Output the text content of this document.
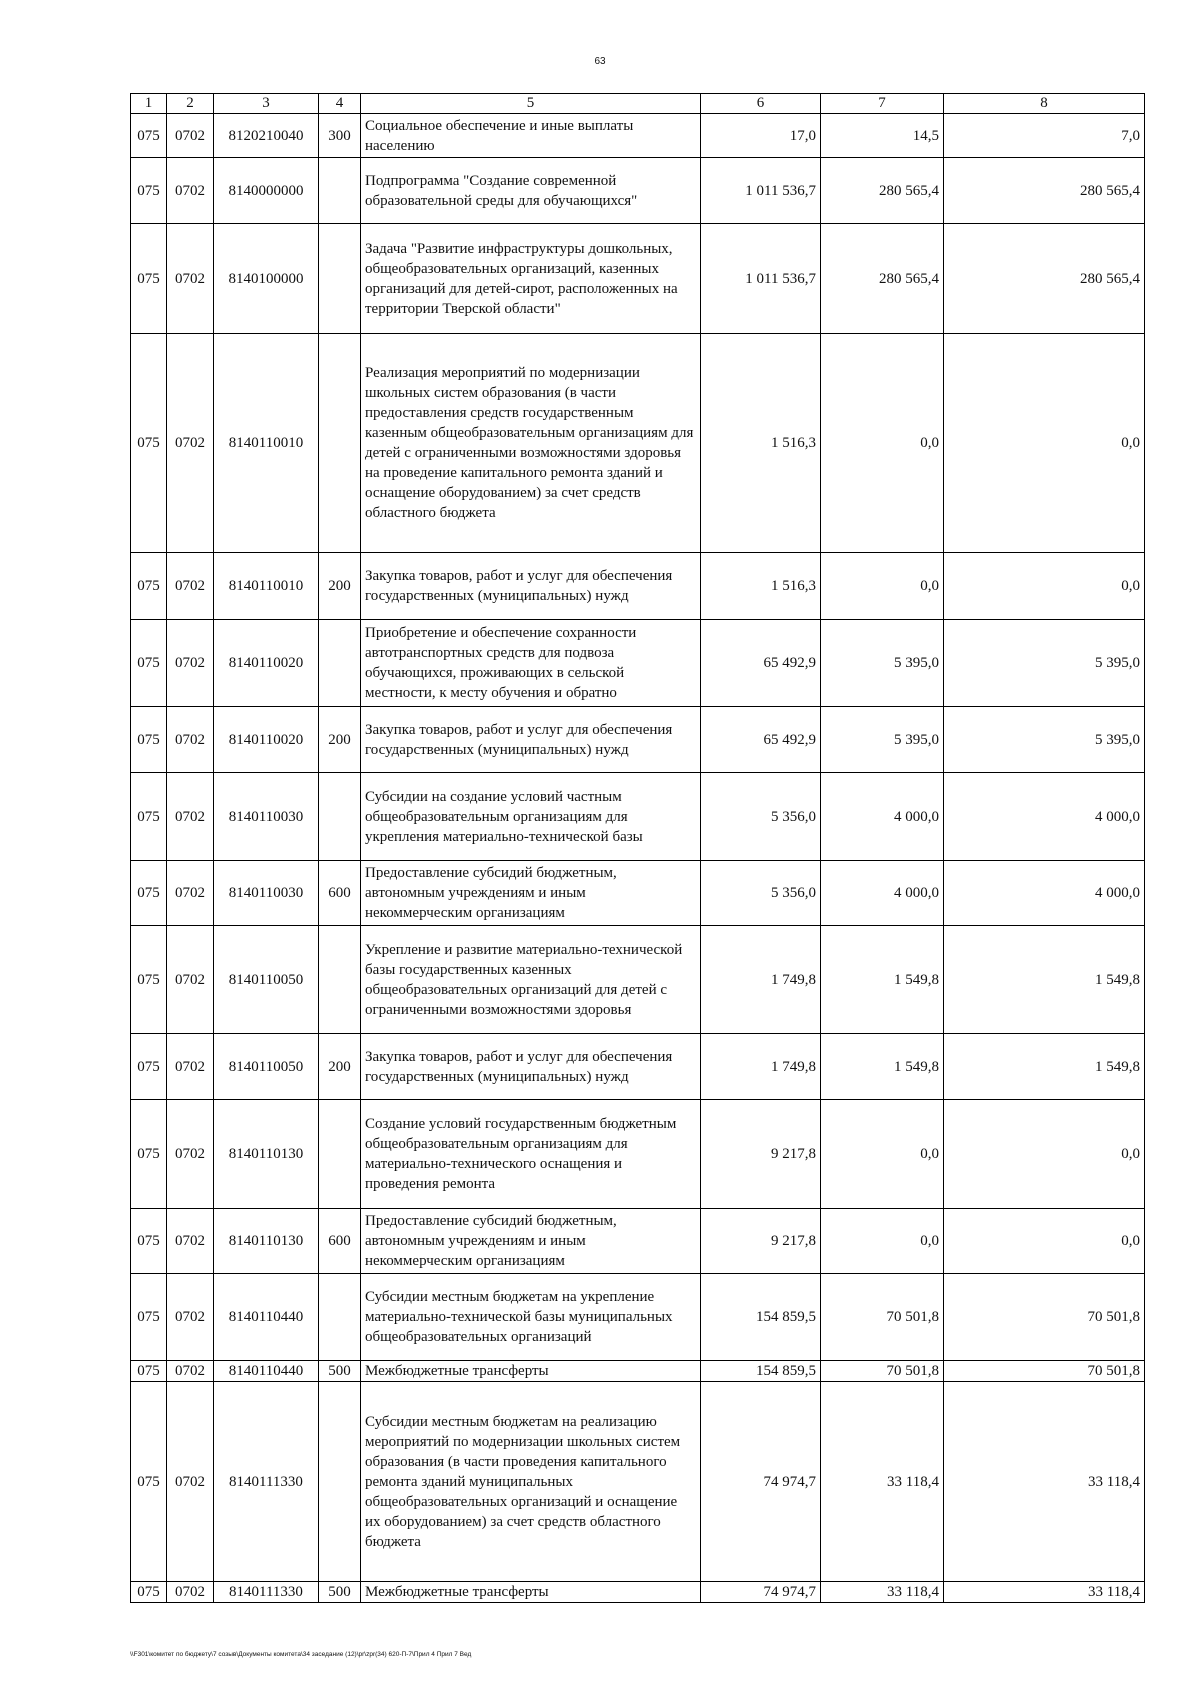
63
1	2	3	4	5	6	7	8
075	0702	8120210040	300	Социальное обеспечение и иные выплаты населению	17,0	14,5	7,0
075	0702	8140000000		Подпрограмма "Создание современной образовательной среды для обучающихся"	1 011 536,7	280 565,4	280 565,4
075	0702	8140100000		Задача "Развитие инфраструктуры дошкольных, общеобразовательных организаций, казенных организаций для детей-сирот, расположенных на территории Тверской области"	1 011 536,7	280 565,4	280 565,4
075	0702	8140110010		Реализация мероприятий по модернизации школьных систем образования (в части предоставления средств государственным казенным общеобразовательным организациям для детей с ограниченными возможностями здоровья на проведение капитального ремонта зданий и оснащение оборудованием) за счет средств областного бюджета	1 516,3	0,0	0,0
075	0702	8140110010	200	Закупка товаров, работ и услуг для обеспечения государственных (муниципальных) нужд	1 516,3	0,0	0,0
075	0702	8140110020		Приобретение и обеспечение сохранности автотранспортных средств для подвоза обучающихся, проживающих в сельской местности, к месту обучения и обратно	65 492,9	5 395,0	5 395,0
075	0702	8140110020	200	Закупка товаров, работ и услуг для обеспечения государственных (муниципальных) нужд	65 492,9	5 395,0	5 395,0
075	0702	8140110030		Субсидии на создание условий частным общеобразовательным организациям для укрепления материально-технической базы	5 356,0	4 000,0	4 000,0
075	0702	8140110030	600	Предоставление субсидий бюджетным, автономным учреждениям и иным некоммерческим организациям	5 356,0	4 000,0	4 000,0
075	0702	8140110050		Укрепление и развитие материально-технической базы государственных казенных общеобразовательных организаций для детей с ограниченными возможностями здоровья	1 749,8	1 549,8	1 549,8
075	0702	8140110050	200	Закупка товаров, работ и услуг для обеспечения государственных (муниципальных) нужд	1 749,8	1 549,8	1 549,8
075	0702	8140110130		Создание условий государственным бюджетным общеобразовательным организациям для материально-технического оснащения и проведения ремонта	9 217,8	0,0	0,0
075	0702	8140110130	600	Предоставление субсидий бюджетным, автономным учреждениям и иным некоммерческим организациям	9 217,8	0,0	0,0
075	0702	8140110440		Субсидии местным бюджетам на укрепление материально-технической базы муниципальных общеобразовательных организаций	154 859,5	70 501,8	70 501,8
075	0702	8140110440	500	Межбюджетные трансферты	154 859,5	70 501,8	70 501,8
075	0702	8140111330		Субсидии местным бюджетам на реализацию мероприятий по модернизации школьных систем образования (в части проведения капитального ремонта зданий муниципальных общеобразовательных организаций и оснащение их оборудованием) за счет средств областного бюджета	74 974,7	33 118,4	33 118,4
075	0702	8140111330	500	Межбюджетные трансферты	74 974,7	33 118,4	33 118,4
\\F301\комитет по бюджету\7 созыв\Документы комитета\34 заседание (12)\pr\zpr(34) 620-П-7\Прил 4 Прил 7 Вед
